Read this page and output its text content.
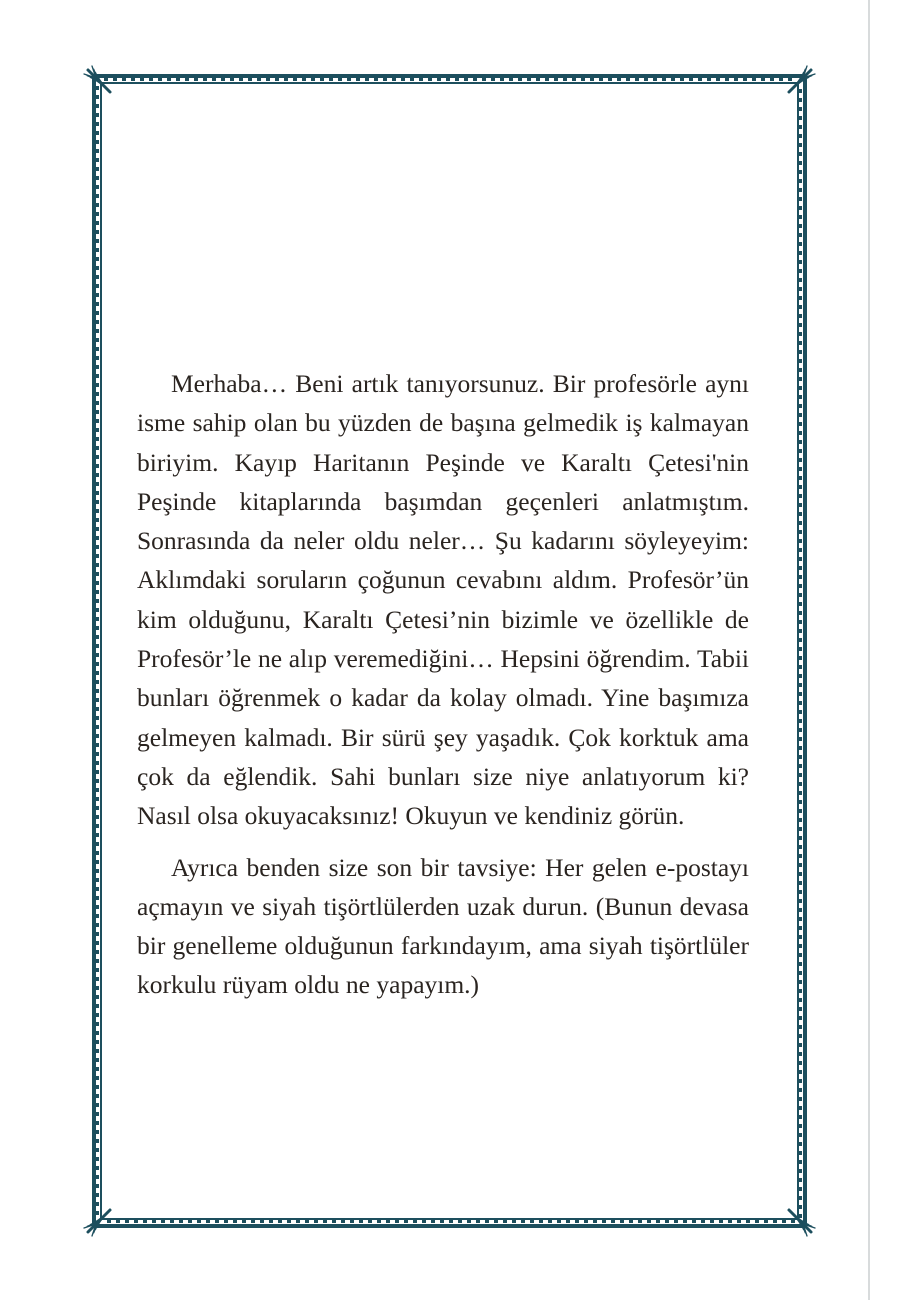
Merhaba… Beni artık tanıyorsunuz. Bir profesörle aynı isme sahip olan bu yüzden de başına gelmedik iş kalmayan biriyim. Kayıp Haritanın Peşinde ve Karaltı Çetesi'nin Peşinde kitaplarında başımdan geçenleri anlatmıştım. Sonrasında da neler oldu neler… Şu kadarını söyleyeyim: Aklımdaki soruların çoğunun cevabını aldım. Profesör’ün kim olduğunu, Karaltı Çetesi’nin bizimle ve özellikle de Profesör’le ne alıp veremediğini… Hepsini öğrendim. Tabii bunları öğrenmek o kadar da kolay olmadı. Yine başımıza gelmeyen kalmadı. Bir sürü şey yaşadık. Çok korktuk ama çok da eğlendik. Sahi bunları size niye anlatıyorum ki? Nasıl olsa okuyacaksınız! Okuyun ve kendiniz görün.

Ayrıca benden size son bir tavsiye: Her gelen e-postayı açmayın ve siyah tişörtlülerden uzak durun. (Bunun devasa bir genelleme olduğunun farkındayım, ama siyah tişörtlüler korkulu rüyam oldu ne yapayım.)
